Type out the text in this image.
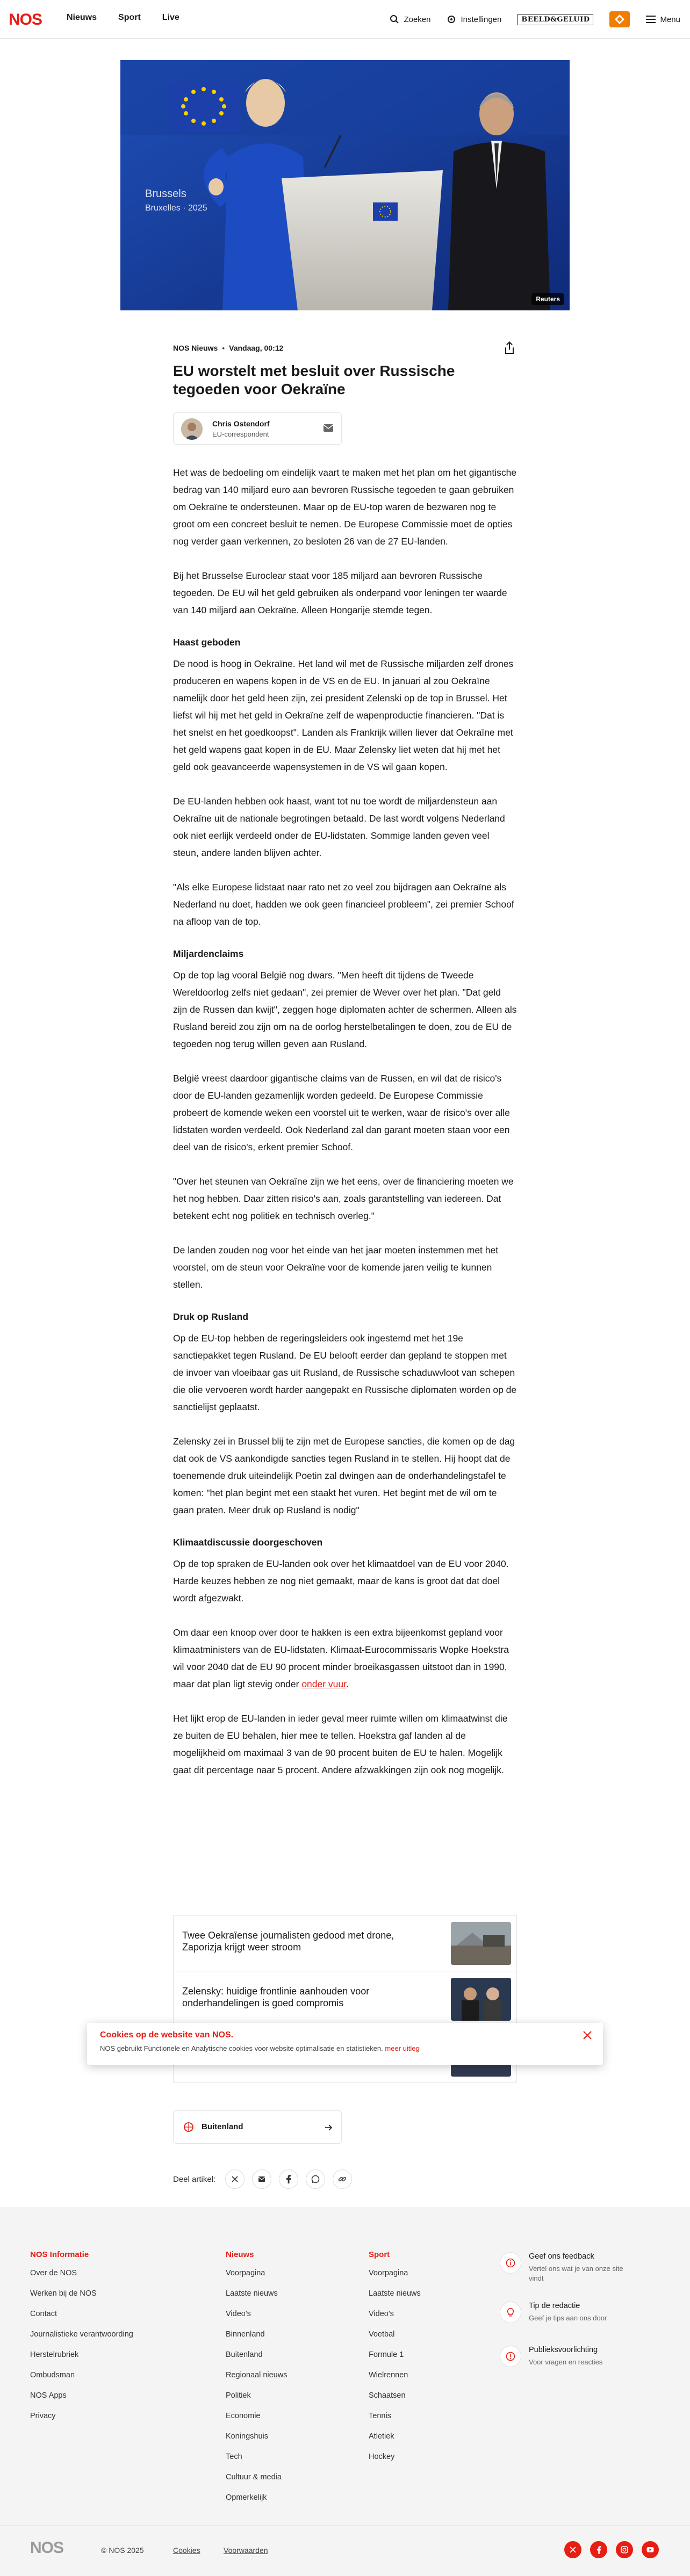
NOS	Nieuws	Sport	Live	Zoeken	Instellingen	BEELD&GELUID	Menu
Brussels
Bruxelles · 2025
Reuters
NOS Nieuws • Vandaag, 00:12
EU worstelt met besluit over Russische tegoeden voor Oekraïne
Chris Ostendorf
EU-correspondent

Het was de bedoeling om eindelijk vaart te maken met het plan om het gigantische bedrag van 140 miljard euro aan bevroren Russische tegoeden te gaan gebruiken om Oekraïne te ondersteunen. Maar op de EU-top waren de bezwaren nog te groot om een concreet besluit te nemen. De Europese Commissie moet de opties nog verder gaan verkennen, zo besloten 26 van de 27 EU-landen.

Bij het Brusselse Euroclear staat voor 185 miljard aan bevroren Russische tegoeden. De EU wil het geld gebruiken als onderpand voor leningen ter waarde van 140 miljard aan Oekraïne. Alleen Hongarije stemde tegen.

Haast geboden

De nood is hoog in Oekraïne. Het land wil met de Russische miljarden zelf drones produceren en wapens kopen in de VS en de EU. In januari al zou Oekraïne namelijk door het geld heen zijn, zei president Zelenski op de top in Brussel. Het liefst wil hij met het geld in Oekraïne zelf de wapenproductie financieren. "Dat is het snelst en het goedkoopst". Landen als Frankrijk willen liever dat Oekraïne met het geld wapens gaat kopen in de EU. Maar Zelensky liet weten dat hij met het geld ook geavanceerde wapensystemen in de VS wil gaan kopen.

De EU-landen hebben ook haast, want tot nu toe wordt de miljardensteun aan Oekraïne uit de nationale begrotingen betaald. De last wordt volgens Nederland ook niet eerlijk verdeeld onder de EU-lidstaten. Sommige landen geven veel steun, andere landen blijven achter.

"Als elke Europese lidstaat naar rato net zo veel zou bijdragen aan Oekraïne als Nederland nu doet, hadden we ook geen financieel probleem", zei premier Schoof na afloop van de top.

Miljardenclaims

Op de top lag vooral België nog dwars. "Men heeft dit tijdens de Tweede Wereldoorlog zelfs niet gedaan", zei premier de Wever over het plan. "Dat geld zijn de Russen dan kwijt", zeggen hoge diplomaten achter de schermen. Alleen als Rusland bereid zou zijn om na de oorlog herstelbetalingen te doen, zou de EU de tegoeden nog terug willen geven aan Rusland.

België vreest daardoor gigantische claims van de Russen, en wil dat de risico's door de EU-landen gezamenlijk worden gedeeld. De Europese Commissie probeert de komende weken een voorstel uit te werken, waar de risico's over alle lidstaten worden verdeeld. Ook Nederland zal dan garant moeten staan voor een deel van de risico's, erkent premier Schoof.

"Over het steunen van Oekraïne zijn we het eens, over de financiering moeten we het nog hebben. Daar zitten risico's aan, zoals garantstelling van iedereen. Dat betekent echt nog politiek en technisch overleg."

De landen zouden nog voor het einde van het jaar moeten instemmen met het voorstel, om de steun voor Oekraïne voor de komende jaren veilig te kunnen stellen.

Druk op Rusland

Op de EU-top hebben de regeringsleiders ook ingestemd met het 19e sanctiepakket tegen Rusland. De EU belooft eerder dan gepland te stoppen met de invoer van vloeibaar gas uit Rusland, de Russische schaduwvloot van schepen die olie vervoeren wordt harder aangepakt en Russische diplomaten worden op de sanctielijst geplaatst.

Zelensky zei in Brussel blij te zijn met de Europese sancties, die komen op de dag dat ook de VS aankondigde sancties tegen Rusland in te stellen. Hij hoopt dat de toenemende druk uiteindelijk Poetin zal dwingen aan de onderhandelingstafel te komen: "het plan begint met een staakt het vuren. Het begint met de wil om te gaan praten. Meer druk op Rusland is nodig"

Klimaatdiscussie doorgeschoven

Op de top spraken de EU-landen ook over het klimaatdoel van de EU voor 2040. Harde keuzes hebben ze nog niet gemaakt, maar de kans is groot dat dat doel wordt afgezwakt.

Om daar een knoop over door te hakken is een extra bijeenkomst gepland voor klimaatministers van de EU-lidstaten. Klimaat-Eurocommissaris Wopke Hoekstra wil voor 2040 dat de EU 90 procent minder broeikasgassen uitstoot dan in 1990, maar dat plan ligt stevig onder onder vuur.

Het lijkt erop de EU-landen in ieder geval meer ruimte willen om klimaatwinst die ze buiten de EU behalen, hier mee te tellen. Hoekstra gaf landen al de mogelijkheid om maximaal 3 van de 90 procent buiten de EU te halen. Mogelijk gaat dit percentage naar 5 procent. Andere afzwakkingen zijn ook nog mogelijk.

Twee Oekraïense journalisten gedood met drone, Zaporizja krijgt weer stroom
Zelensky: huidige frontlinie aanhouden voor onderhandelingen is goed compromis
Cookies op de website van NOS.
NOS gebruikt Functionele en Analytische cookies voor website optimalisatie en statistieken. meer uitleg
Buitenland
Deel artikel:
NOS Informatie
Over de NOS
Werken bij de NOS
Contact
Journalistieke verantwoording
Herstelrubriek
Ombudsman
NOS Apps
Privacy
Nieuws
Voorpagina
Laatste nieuws
Video's
Binnenland
Buitenland
Regionaal nieuws
Politiek
Economie
Koningshuis
Tech
Cultuur & media
Opmerkelijk
Sport
Voorpagina
Laatste nieuws
Video's
Voetbal
Formule 1
Wielrennen
Schaatsen
Tennis
Atletiek
Hockey
Geef ons feedback
Vertel ons wat je van onze site vindt
Tip de redactie
Geef je tips aan ons door
Publieksvoorlichting
Voor vragen en reacties
NOS	© NOS 2025	Cookies	Voorwaarden
